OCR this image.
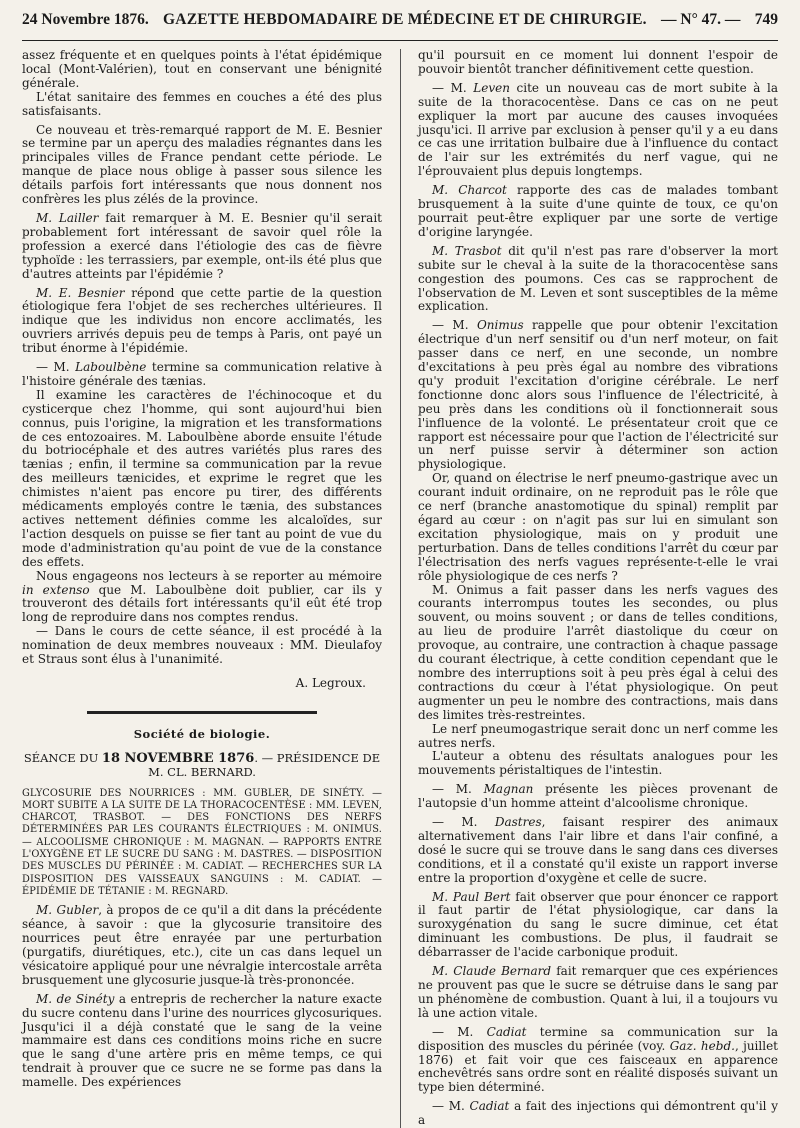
24 Novembre 1876. GAZETTE HEBDOMADAIRE DE MÉDECINE ET DE CHIRURGIE. — N° 47. — 749

assez fréquente et en quelques points à l'état épidémique local (Mont-Valérien), tout en conservant une bénignité générale.

L'état sanitaire des femmes en couches a été des plus satisfaisants.

Ce nouveau et très-remarqué rapport de M. E. Besnier se termine par un aperçu des maladies régnantes dans les principales villes de France pendant cette période. Le manque de place nous oblige à passer sous silence les détails parfois fort intéressants que nous donnent nos confrères les plus zélés de la province.

M. Lailler fait remarquer à M. E. Besnier qu'il serait probablement fort intéressant de savoir quel rôle la profession a exercé dans l'étiologie des cas de fièvre typhoïde : les terrassiers, par exemple, ont-ils été plus que d'autres atteints par l'épidémie ?

M. E. Besnier répond que cette partie de la question étiologique fera l'objet de ses recherches ultérieures. Il indique que les individus non encore acclimatés, les ouvriers arrivés depuis peu de temps à Paris, ont payé un tribut énorme à l'épidémie.

— M. Laboulbène termine sa communication relative à l'histoire générale des tænias.

Il examine les caractères de l'échinocoque et du cysticerque chez l'homme, qui sont aujourd'hui bien connus, puis l'origine, la migration et les transformations de ces entozoaires. M. Laboulbène aborde ensuite l'étude du botriocéphale et des autres variétés plus rares des tænias ; enfin, il termine sa communication par la revue des meilleurs tænicides, et exprime le regret que les chimistes n'aient pas encore pu tirer, des différents médicaments employés contre le tænia, des substances actives nettement définies comme les alcaloïdes, sur l'action desquels on puisse se fier tant au point de vue du mode d'administration qu'au point de vue de la constance des effets.

Nous engageons nos lecteurs à se reporter au mémoire in extenso que M. Laboulbène doit publier, car ils y trouveront des détails fort intéressants qu'il eût été trop long de reproduire dans nos comptes rendus.

— Dans le cours de cette séance, il est procédé à la nomination de deux membres nouveaux : MM. Dieulafoy et Straus sont élus à l'unanimité.

A. Legroux.
Société de biologie.
SÉANCE DU 18 NOVEMBRE 1876. — PRÉSIDENCE DE M. CL. BERNARD.

GLYCOSURIE DES NOURRICES : MM. GUBLER, DE SINÉTY. — MORT SUBITE A LA SUITE DE LA THORACOCENTÈSE : MM. LEVEN, CHARCOT, TRASBOT. — DES FONCTIONS DES NERFS DÉTERMINÉES PAR LES COURANTS ÉLECTRIQUES : M. ONIMUS. — ALCOOLISME CHRONIQUE : M. MAGNAN. — RAPPORTS ENTRE L'OXYGÈNE ET LE SUCRE DU SANG : M. DASTRES. — DISPOSITION DES MUSCLES DU PÉRINÉE : M. CADIAT. — RECHERCHES SUR LA DISPOSITION DES VAISSEAUX SANGUINS : M. CADIAT. — ÉPIDÉMIE DE TÉTANIE : M. REGNARD.

M. Gubler, à propos de ce qu'il a dit dans la précédente séance, à savoir : que la glycosurie transitoire des nourrices peut être enrayée par une perturbation (purgatifs, diurétiques, etc.), cite un cas dans lequel un vésicatoire appliqué pour une névralgie intercostale arrêta brusquement une glycosurie jusque-là très-prononcée.

M. de Sinéty a entrepris de rechercher la nature exacte du sucre contenu dans l'urine des nourrices glycosuriques. Jusqu'ici il a déjà constaté que le sang de la veine mammaire est dans ces conditions moins riche en sucre que le sang d'une artère pris en même temps, ce qui tendrait à prouver que ce sucre ne se forme pas dans la mamelle. Des expériences

qu'il poursuit en ce moment lui donnent l'espoir de pouvoir bientôt trancher définitivement cette question.

— M. Leven cite un nouveau cas de mort subite à la suite de la thoracocentèse. Dans ce cas on ne peut expliquer la mort par aucune des causes invoquées jusqu'ici. Il arrive par exclusion à penser qu'il y a eu dans ce cas une irritation bulbaire due à l'influence du contact de l'air sur les extrémités du nerf vague, qui ne l'éprouvaient plus depuis longtemps.

M. Charcot rapporte des cas de malades tombant brusquement à la suite d'une quinte de toux, ce qu'on pourrait peut-être expliquer par une sorte de vertige d'origine laryngée.

M. Trasbot dit qu'il n'est pas rare d'observer la mort subite sur le cheval à la suite de la thoracocentèse sans congestion des poumons. Ces cas se rapprochent de l'observation de M. Leven et sont susceptibles de la même explication.

— M. Onimus rappelle que pour obtenir l'excitation électrique d'un nerf sensitif ou d'un nerf moteur, on fait passer dans ce nerf, en une seconde, un nombre d'excitations à peu près égal au nombre des vibrations qu'y produit l'excitation d'origine cérébrale. Le nerf fonctionne donc alors sous l'influence de l'électricité, à peu près dans les conditions où il fonctionnerait sous l'influence de la volonté. Le présentateur croit que ce rapport est nécessaire pour que l'action de l'électricité sur un nerf puisse servir à déterminer son action physiologique.

Or, quand on électrise le nerf pneumo-gastrique avec un courant induit ordinaire, on ne reproduit pas le rôle que ce nerf (branche anastomotique du spinal) remplit par égard au cœur : on n'agit pas sur lui en simulant son excitation physiologique, mais on y produit une perturbation. Dans de telles conditions l'arrêt du cœur par l'électrisation des nerfs vagues représente-t-elle le vrai rôle physiologique de ces nerfs ?

M. Onimus a fait passer dans les nerfs vagues des courants interrompus toutes les secondes, ou plus souvent, ou moins souvent ; or dans de telles conditions, au lieu de produire l'arrêt diastolique du cœur on provoque, au contraire, une contraction à chaque passage du courant électrique, à cette condition cependant que le nombre des interruptions soit à peu près égal à celui des contractions du cœur à l'état physiologique. On peut augmenter un peu le nombre des contractions, mais dans des limites très-restreintes.

Le nerf pneumogastrique serait donc un nerf comme les autres nerfs.

L'auteur a obtenu des résultats analogues pour les mouvements péristaltiques de l'intestin.

— M. Magnan présente les pièces provenant de l'autopsie d'un homme atteint d'alcoolisme chronique.

— M. Dastres, faisant respirer des animaux alternativement dans l'air libre et dans l'air confiné, a dosé le sucre qui se trouve dans le sang dans ces diverses conditions, et il a constaté qu'il existe un rapport inverse entre la proportion d'oxygène et celle de sucre.

M. Paul Bert fait observer que pour énoncer ce rapport il faut partir de l'état physiologique, car dans la suroxygénation du sang le sucre diminue, cet état diminuant les combustions. De plus, il faudrait se débarrasser de l'acide carbonique produit.

M. Claude Bernard fait remarquer que ces expériences ne prouvent pas que le sucre se détruise dans le sang par un phénomène de combustion. Quant à lui, il a toujours vu là une action vitale.

— M. Cadiat termine sa communication sur la disposition des muscles du périnée (voy. Gaz. hebd., juillet 1876) et fait voir que ces faisceaux en apparence enchevêtrés sans ordre sont en réalité disposés suivant un type bien déterminé.

— M. Cadiat a fait des injections qui démontrent qu'il y a
